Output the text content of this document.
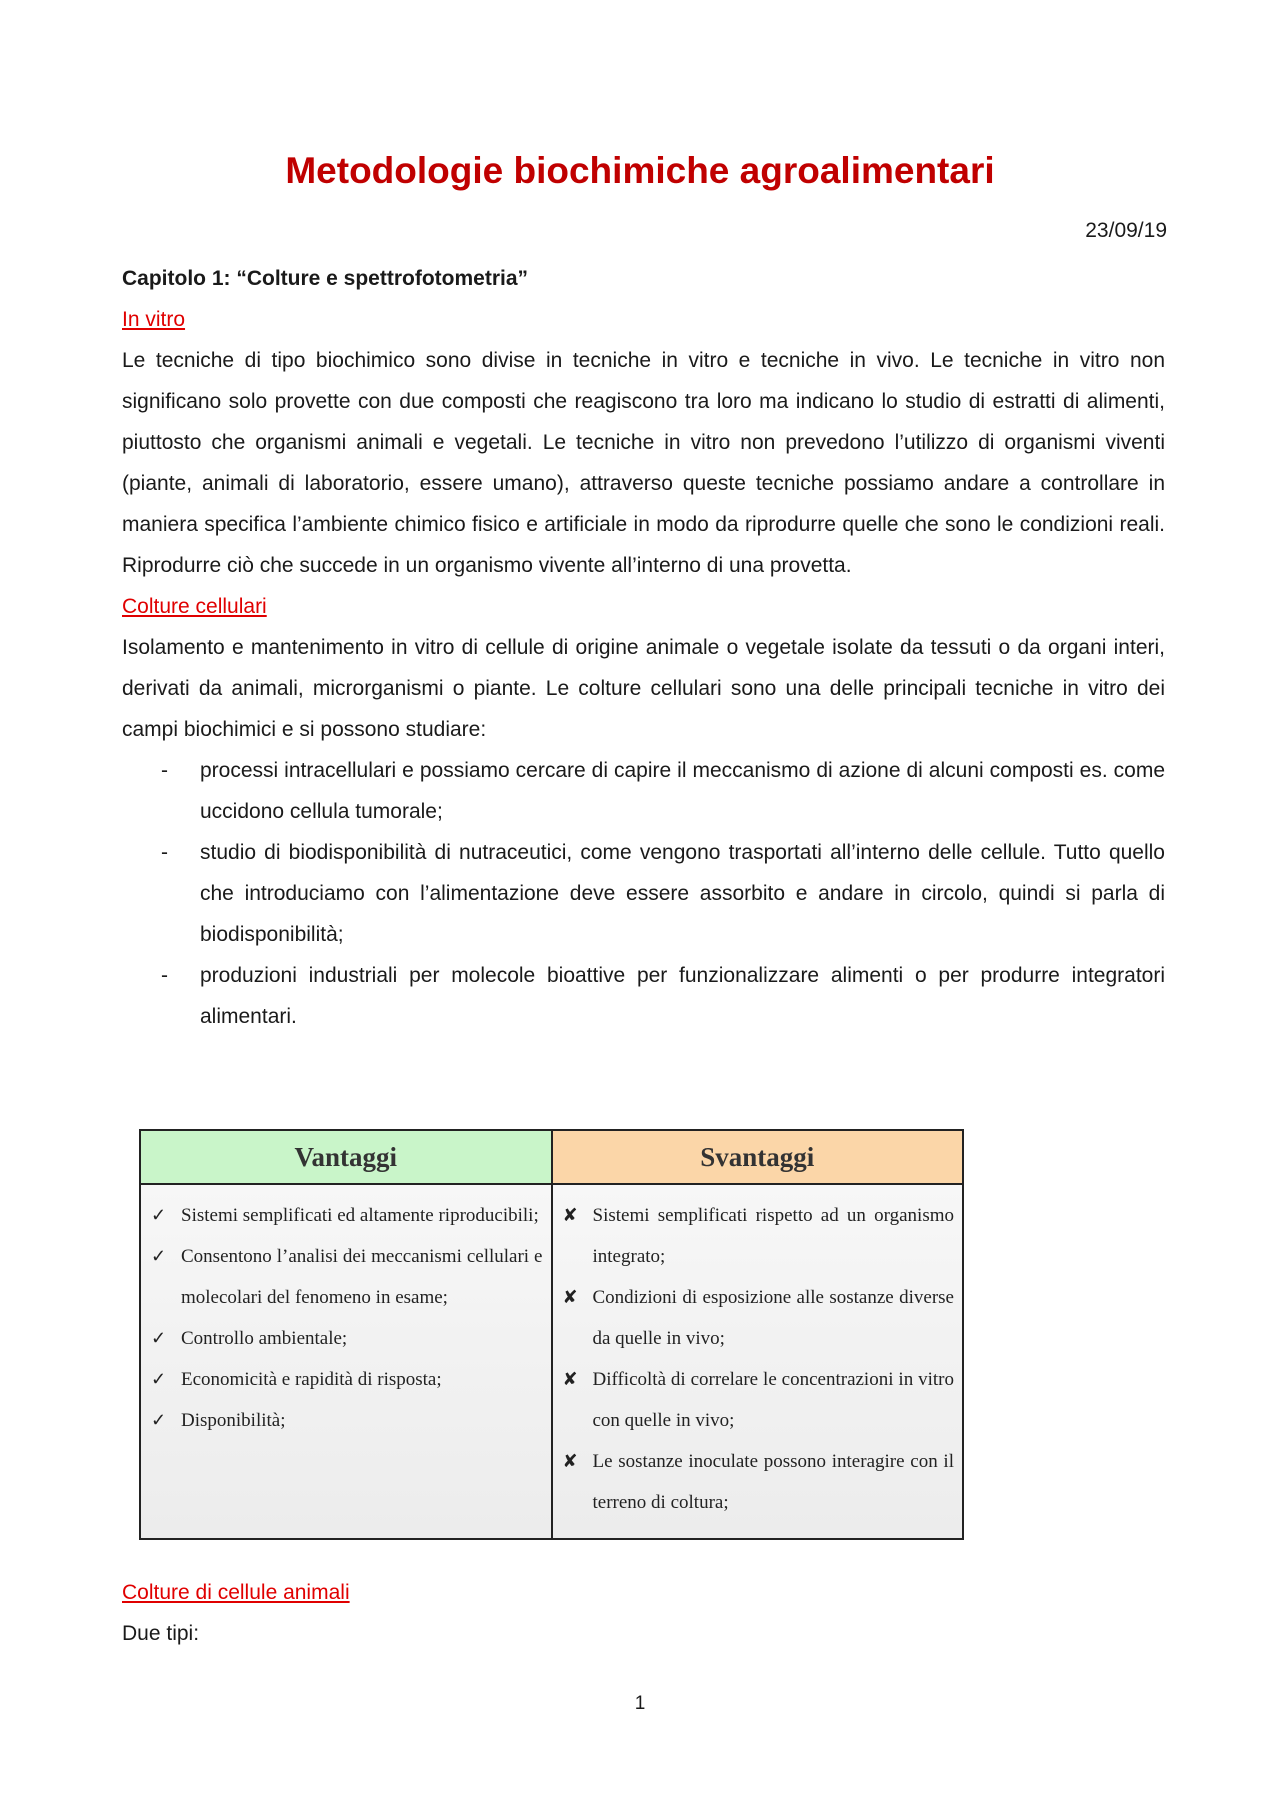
Metodologie biochimiche agroalimentari
23/09/19

Capitolo 1: “Colture e spettrofotometria”

In vitro

Le tecniche di tipo biochimico sono divise in tecniche in vitro e tecniche in vivo. Le tecniche in vitro non significano solo provette con due composti che reagiscono tra loro ma indicano lo studio di estratti di alimenti, piuttosto che organismi animali e vegetali. Le tecniche in vitro non prevedono l’utilizzo di organismi viventi (piante, animali di laboratorio, essere umano), attraverso queste tecniche possiamo andare a controllare in maniera specifica l’ambiente chimico fisico e artificiale in modo da riprodurre quelle che sono le condizioni reali. Riprodurre ciò che succede in un organismo vivente all’interno di una provetta.

Colture cellulari

Isolamento e mantenimento in vitro di cellule di origine animale o vegetale isolate da tessuti o da organi interi, derivati da animali, microrganismi o piante. Le colture cellulari sono una delle principali tecniche in vitro dei campi biochimici e si possono studiare:

- processi intracellulari e possiamo cercare di capire il meccanismo di azione di alcuni composti es. come uccidono cellula tumorale;
- studio di biodisponibilità di nutraceutici, come vengono trasportati all’interno delle cellule. Tutto quello che introduciamo con l’alimentazione deve essere assorbito e andare in circolo, quindi si parla di biodisponibilità;
- produzioni industriali per molecole bioattive per funzionalizzare alimenti o per produrre integratori alimentari.
Vantaggi	Svantaggi
✓ Sistemi semplificati ed altamente riproducibili;
✓ Consentono l’analisi dei meccanismi cellulari e molecolari del fenomeno in esame;
✓ Controllo ambientale;
✓ Economicità e rapidità di risposta;
✓ Disponibilità;
✘ Sistemi semplificati rispetto ad un organismo integrato;
✘ Condizioni di esposizione alle sostanze diverse da quelle in vivo;
✘ Difficoltà di correlare le concentrazioni in vitro con quelle in vivo;
✘ Le sostanze inoculate possono interagire con il terreno di coltura;

Colture di cellule animali

Due tipi:

1
